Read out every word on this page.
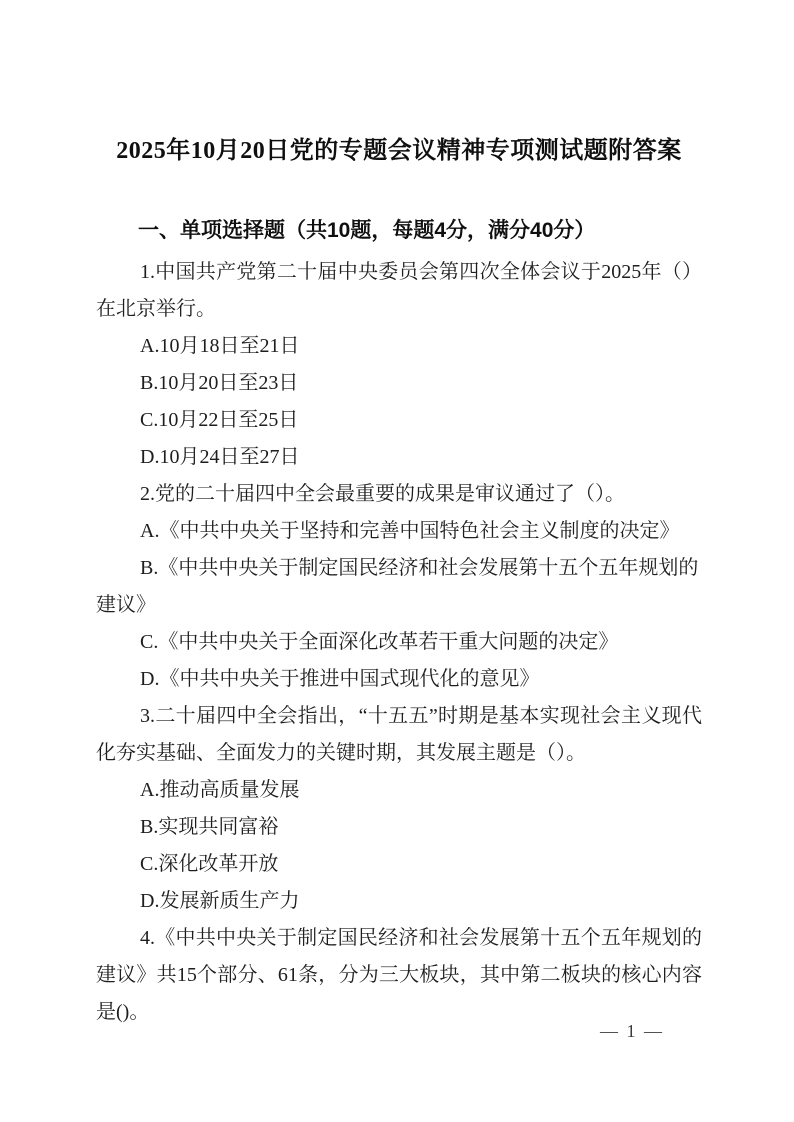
2025年10月20日党的专题会议精神专项测试题附答案
一、单项选择题（共10题，每题4分，满分40分）

1.中国共产党第二十届中央委员会第四次全体会议于2025年（）在北京举行。

A.10月18日至21日

B.10月20日至23日

C.10月22日至25日

D.10月24日至27日

2.党的二十届四中全会最重要的成果是审议通过了（）。

A.《中共中央关于坚持和完善中国特色社会主义制度的决定》

B.《中共中央关于制定国民经济和社会发展第十五个五年规划的建议》

C.《中共中央关于全面深化改革若干重大问题的决定》

D.《中共中央关于推进中国式现代化的意见》

3.二十届四中全会指出，“十五五”时期是基本实现社会主义现代化夯实基础、全面发力的关键时期，其发展主题是（）。

A.推动高质量发展

B.实现共同富裕

C.深化改革开放

D.发展新质生产力

4.《中共中央关于制定国民经济和社会发展第十五个五年规划的建议》共15个部分、61条，分为三大板块，其中第二板块的核心内容是()。

— 1 —
